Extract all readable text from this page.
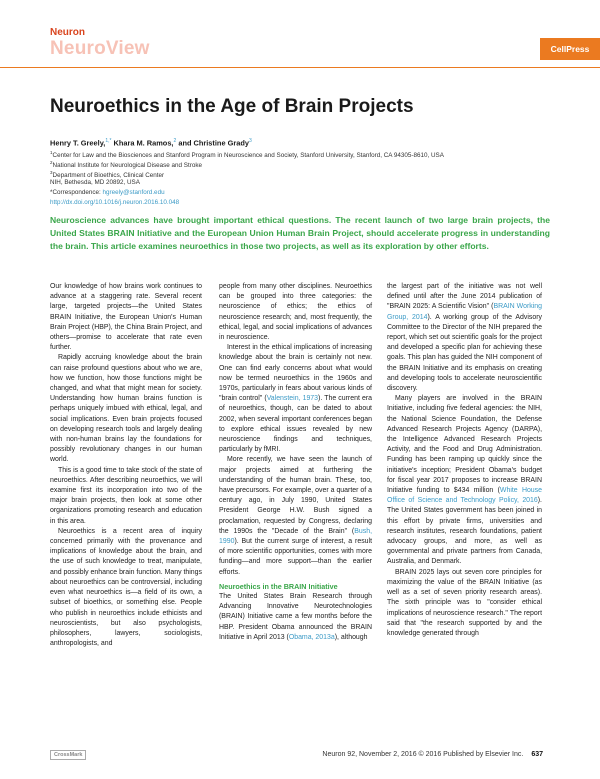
Neuron
NeuroView	CellPress
Neuroethics in the Age of Brain Projects
Henry T. Greely,$^{1,*}$ Khara M. Ramos,$^2$ and Christine Grady$^3$
$^1$Center for Law and the Biosciences and Stanford Program in Neuroscience and Society, Stanford University, Stanford, CA 94305-8610, USA
$^2$National Institute for Neurological Disease and Stroke
$^3$Department of Bioethics, Clinical Center
NIH, Bethesda, MD 20892, USA
*Correspondence: hgreely@stanford.edu
http://dx.doi.org/10.1016/j.neuron.2016.10.048

Neuroscience advances have brought important ethical questions. The recent launch of two large brain projects, the United States BRAIN Initiative and the European Union Human Brain Project, should accelerate progress in understanding the brain. This article examines neuroethics in those two projects, as well as its exploration by other efforts.

Our knowledge of how brains work continues to advance at a staggering rate. Several recent large, targeted projects—the United States BRAIN Initiative, the European Union's Human Brain Project (HBP), the China Brain Project, and others—promise to accelerate that rate even further.

Rapidly accruing knowledge about the brain can raise profound questions about who we are, how we function, how those functions might be changed, and what that might mean for society. Understanding how human brains function is perhaps uniquely imbued with ethical, legal, and social implications. Even brain projects focused on developing research tools and largely dealing with non-human brains lay the foundations for possibly revolutionary changes in our human world.

This is a good time to take stock of the state of neuroethics. After describing neuroethics, we will examine first its incorporation into two of the major brain projects, then look at some other organizations promoting research and education in this area.

Neuroethics is a recent area of inquiry concerned primarily with the provenance and implications of knowledge about the brain, and the use of such knowledge to treat, manipulate, and possibly enhance brain function. Many things about neuroethics can be controversial, including even what neuroethics is—a field of its own, a subset of bioethics, or something else. People who publish in neuroethics include ethicists and neuroscientists, but also psychologists, philosophers, lawyers, sociologists, anthropologists, and

people from many other disciplines. Neuroethics can be grouped into three categories: the neuroscience of ethics; the ethics of neuroscience research; and, most frequently, the ethical, legal, and social implications of advances in neuroscience.

Interest in the ethical implications of increasing knowledge about the brain is certainly not new. One can find early concerns about what would now be termed neuroethics in the 1960s and 1970s, particularly in fears about various kinds of "brain control" (Valenstein, 1973). The current era of neuroethics, though, can be dated to about 2002, when several important conferences began to explore ethical issues revealed by new neuroscience findings and techniques, particularly by fMRI.

More recently, we have seen the launch of major projects aimed at furthering the understanding of the human brain. These, too, have precursors. For example, over a quarter of a century ago, in July 1990, United States President George H.W. Bush signed a proclamation, requested by Congress, declaring the 1990s the "Decade of the Brain" (Bush, 1990). But the current surge of interest, a result of more scientific opportunities, comes with more funding—and more support—than the earlier efforts.

Neuroethics in the BRAIN Initiative

The United States Brain Research through Advancing Innovative Neurotechnologies (BRAIN) Initiative came a few months before the HBP. President Obama announced the BRAIN Initiative in April 2013 (Obama, 2013a), although

the largest part of the initiative was not well defined until after the June 2014 publication of "BRAIN 2025: A Scientific Vision" (BRAIN Working Group, 2014). A working group of the Advisory Committee to the Director of the NIH prepared the report, which set out scientific goals for the project and developed a specific plan for achieving these goals. This plan has guided the NIH component of the BRAIN Initiative and its emphasis on creating and developing tools to accelerate neuroscientific discovery.

Many players are involved in the BRAIN Initiative, including five federal agencies: the NIH, the National Science Foundation, the Defense Advanced Research Projects Agency (DARPA), the Intelligence Advanced Research Projects Activity, and the Food and Drug Administration. Funding has been ramping up quickly since the initiative's inception; President Obama's budget for fiscal year 2017 proposes to increase BRAIN Initiative funding to $434 million (White House Office of Science and Technology Policy, 2016). The United States government has been joined in this effort by private firms, universities and research institutes, research foundations, patient advocacy groups, and more, as well as governmental and private partners from Canada, Australia, and Denmark.

BRAIN 2025 lays out seven core principles for maximizing the value of the BRAIN Initiative (as well as a set of seven priority research areas). The sixth principle was to "consider ethical implications of neuroscience research." The report said that "the research supported by and the knowledge generated through

CrossMark	Neuron 92, November 2, 2016 © 2016 Published by Elsevier Inc. 637
